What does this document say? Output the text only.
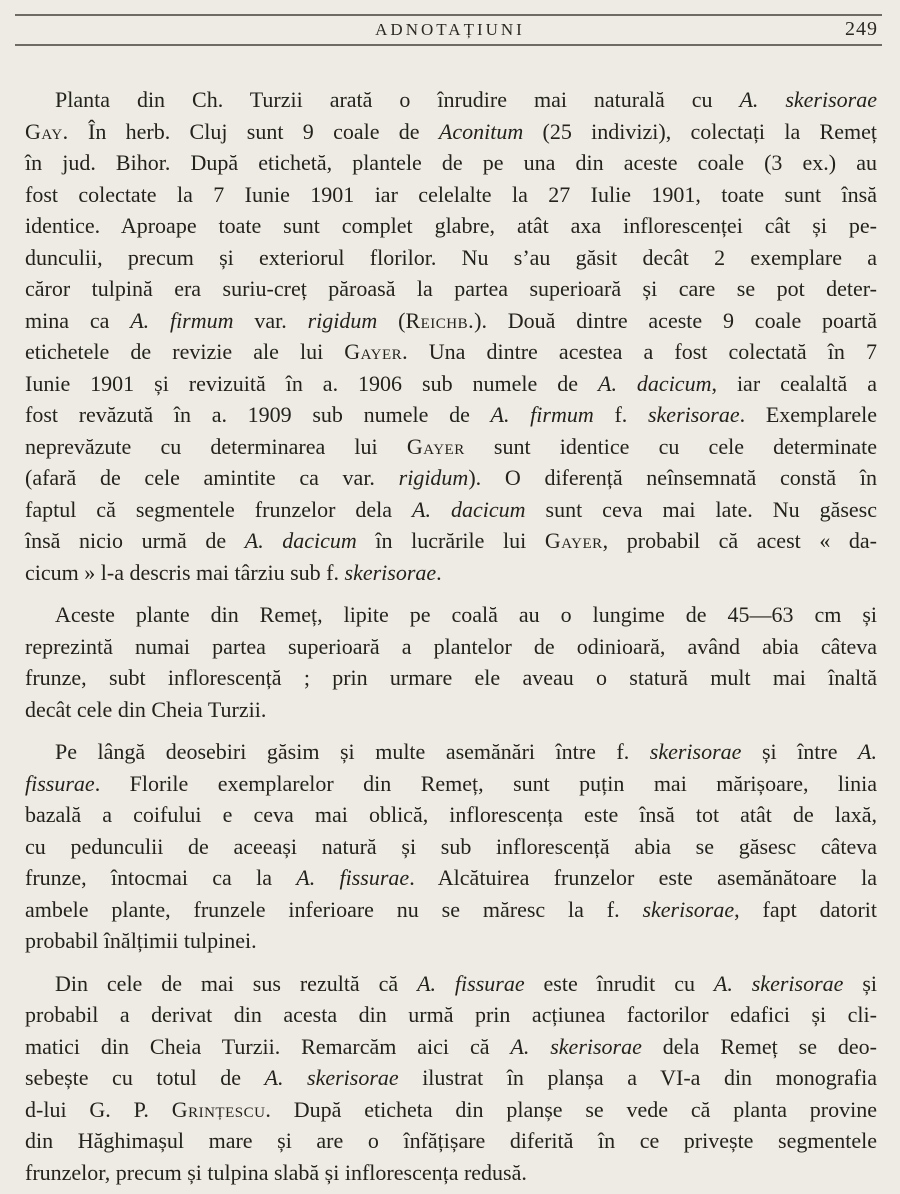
ADNOTAȚIUNI	249
Planta din Ch. Turzii arată o înrudire mai naturală cu A. skerisorae
Gay. În herb. Cluj sunt 9 coale de Aconitum (25 indivizi), colectați la Remeț
în jud. Bihor. După etichetă, plantele de pe una din aceste coale (3 ex.) au
fost colectate la 7 Iunie 1901 iar celelalte la 27 Iulie 1901, toate sunt însă
identice. Aproape toate sunt complet glabre, atât axa inflorescenței cât și pe-
dunculii, precum și exteriorul florilor. Nu s’au găsit decât 2 exemplare a
căror tulpină era suriu-creț păroasă la partea superioară și care se pot deter-
mina ca A. firmum var. rigidum (Reichb.). Două dintre aceste 9 coale poartă
etichetele de revizie ale lui Gayer. Una dintre acestea a fost colectată în 7
Iunie 1901 și revizuită în a. 1906 sub numele de A. dacicum, iar cealaltă a
fost revăzută în a. 1909 sub numele de A. firmum f. skerisorae. Exemplarele
neprevăzute cu determinarea lui Gayer sunt identice cu cele determinate
(afară de cele amintite ca var. rigidum). O diferență neînsemnată constă în
faptul că segmentele frunzelor dela A. dacicum sunt ceva mai late. Nu găsesc
însă nicio urmă de A. dacicum în lucrările lui Gayer, probabil că acest « da-
cicum » l-a descris mai târziu sub f. skerisorae.
Aceste plante din Remeț, lipite pe coală au o lungime de 45—63 cm și
reprezintă numai partea superioară a plantelor de odinioară, având abia câteva
frunze, subt inflorescență ; prin urmare ele aveau o statură mult mai înaltă
decât cele din Cheia Turzii.
Pe lângă deosebiri găsim și multe asemănări între f. skerisorae și între A.
fissurae. Florile exemplarelor din Remeț, sunt puțin mai mărișoare, linia
bazală a coifului e ceva mai oblică, inflorescența este însă tot atât de laxă,
cu pedunculii de aceeași natură și sub inflorescență abia se găsesc câteva
frunze, întocmai ca la A. fissurae. Alcătuirea frunzelor este asemănătoare la
ambele plante, frunzele inferioare nu se măresc la f. skerisorae, fapt datorit
probabil înălțimii tulpinei.
Din cele de mai sus rezultă că A. fissurae este înrudit cu A. skerisorae și
probabil a derivat din acesta din urmă prin acțiunea factorilor edafici și cli-
matici din Cheia Turzii. Remarcăm aici că A. skerisorae dela Remeț se deo-
sebește cu totul de A. skerisorae ilustrat în planșa a VI-a din monografia
d-lui G. P. Grințescu. După eticheta din planșe se vede că planta provine
din Hăghimașul mare și are o înfățișare diferită în ce privește segmentele
frunzelor, precum și tulpina slabă și inflorescența redusă.
